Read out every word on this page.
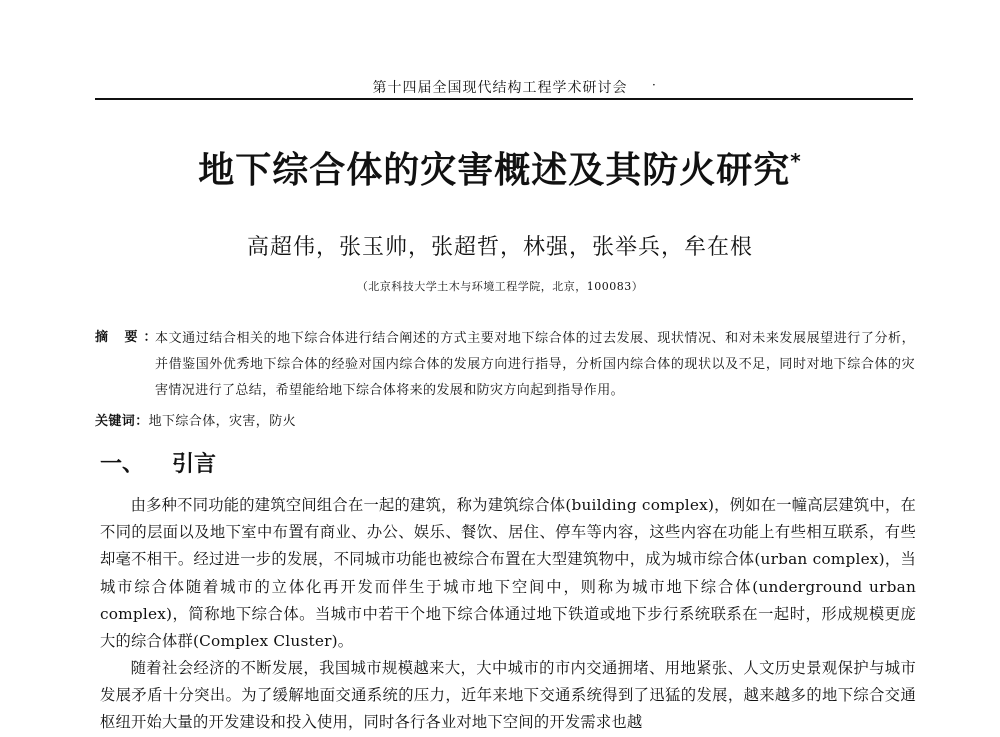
第十四届全国现代结构工程学术研讨会	·
地下综合体的灾害概述及其防火研究*
高超伟，张玉帅，张超哲，林强，张举兵，牟在根
（北京科技大学土木与环境工程学院，北京，100083）
摘 要：
本文通过结合相关的地下综合体进行结合阐述的方式主要对地下综合体的过去发展、现状情况、和对未来发展展望进行了分析，并借鉴国外优秀地下综合体的经验对国内综合体的发展方向进行指导，分析国内综合体的现状以及不足，同时对地下综合体的灾害情况进行了总结，希望能给地下综合体将来的发展和防灾方向起到指导作用。
关键词：地下综合体，灾害，防火
一、 引言
由多种不同功能的建筑空间组合在一起的建筑，称为建筑综合体(building complex)，例如在一幢高层建筑中，在不同的层面以及地下室中布置有商业、办公、娱乐、餐饮、居住、停车等内容，这些内容在功能上有些相互联系，有些却毫不相干。经过进一步的发展，不同城市功能也被综合布置在大型建筑物中，成为城市综合体(urban complex)，当城市综合体随着城市的立体化再开发而伴生于城市地下空间中，则称为城市地下综合体(underground urban complex)，简称地下综合体。当城市中若干个地下综合体通过地下铁道或地下步行系统联系在一起时，形成规模更庞大的综合体群(Complex Cluster)。
随着社会经济的不断发展，我国城市规模越来大，大中城市的市内交通拥堵、用地紧张、人文历史景观保护与城市发展矛盾十分突出。为了缓解地面交通系统的压力，近年来地下交通系统得到了迅猛的发展，越来越多的地下综合交通枢纽开始大量的开发建设和投入使用，同时各行各业对地下空间的开发需求也越
